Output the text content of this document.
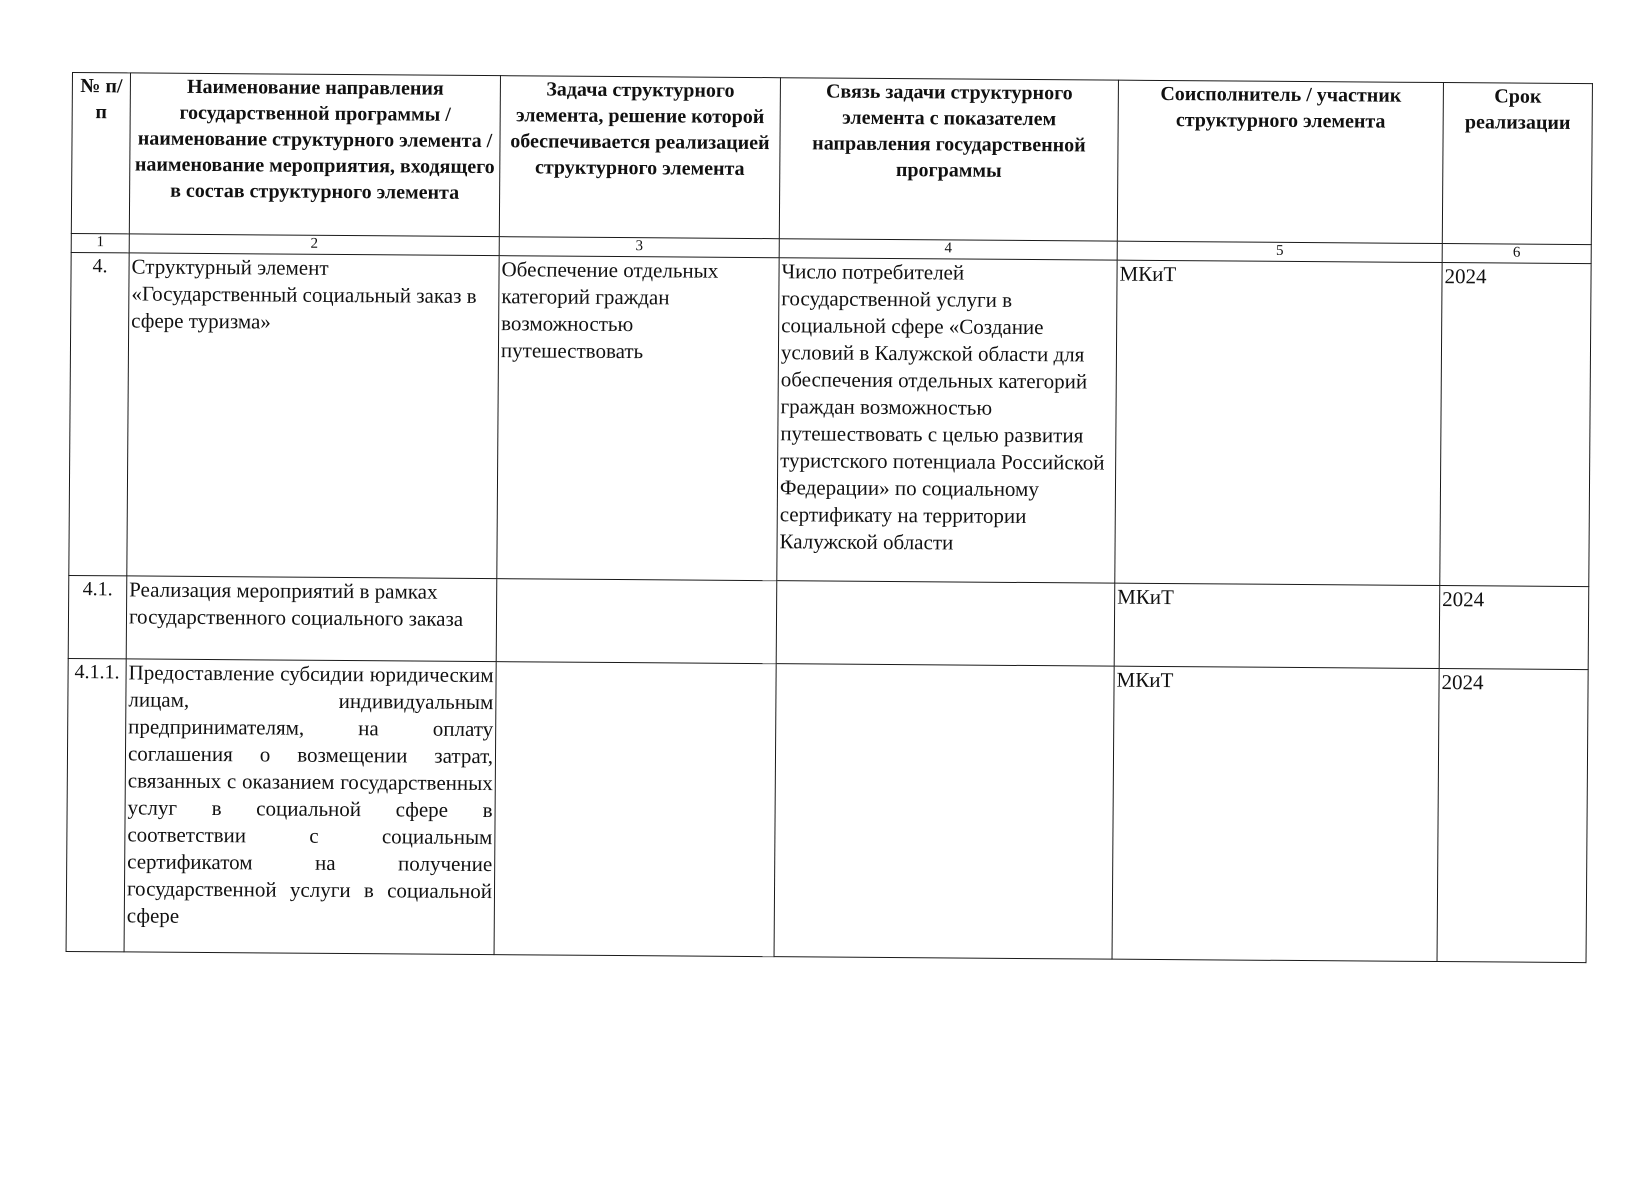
№ п/п	Наименование направления государственной программы / наименование структурного элемента / наименование мероприятия, входящего в состав структурного элемента	Задача структурного элемента, решение которой обеспечивается реализацией структурного элемента	Связь задачи структурного элемента с показателем направления государственной программы	Соисполнитель / участник структурного элемента	Срок реализации
1	2	3	4	5	6
4.	Структурный элемент «Государственный социальный заказ в сфере туризма»	Обеспечение отдельных категорий граждан возможностью путешествовать	Число потребителей государственной услуги в социальной сфере «Создание условий в Калужской области для обеспечения отдельных категорий граждан возможностью путешествовать с целью развития туристского потенциала Российской Федерации» по социальному сертификату на территории Калужской области	МКиТ	2024
4.1.	Реализация мероприятий в рамках государственного социального заказа			МКиТ	2024
4.1.1.	Предоставление субсидии юридическим лицам, индивидуальным предпринимателям, на оплату соглашения о возмещении затрат, связанных с оказанием государственных услуг в социальной сфере в соответствии с социальным сертификатом на получение государственной услуги в социальной сфере			МКиТ	2024
